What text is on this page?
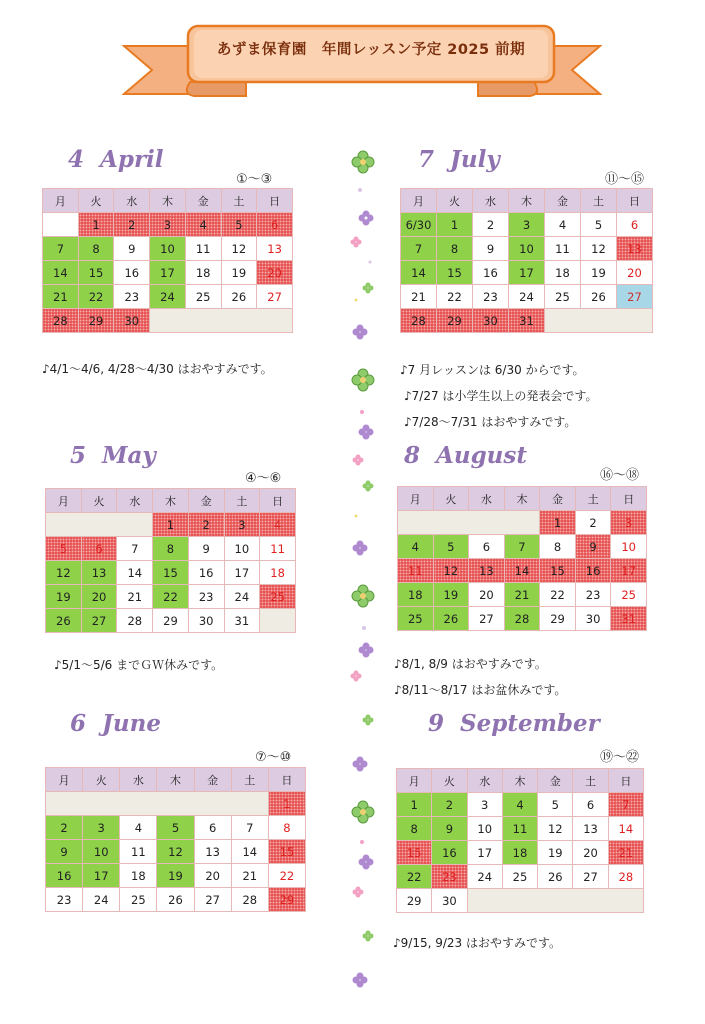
あずま保育園　年間レッスン予定 2025 前期
4 April
①～③
月	火	水	木	金	土	日
	1	2	3	4	5	6
7	8	9	10	11	12	13
14	15	16	17	18	19	20
21	22	23	24	25	26	27
28	29	30				
♪4/1～4/6, 4/28～4/30 はおやすみです。
5 May
④～⑥
月	火	水	木	金	土	日
			1	2	3	4
5	6	7	8	9	10	11
12	13	14	15	16	17	18
19	20	21	22	23	24	25
26	27	28	29	30	31	
♪5/1～5/6 までＧＷ休みです。
6 June
⑦～⑩
月	火	水	木	金	土	日
						1
2	3	4	5	6	7	8
9	10	11	12	13	14	15
16	17	18	19	20	21	22
23	24	25	26	27	28	29
7 July
⑪～⑮
月	火	水	木	金	土	日
6/30	1	2	3	4	5	6
7	8	9	10	11	12	13
14	15	16	17	18	19	20
21	22	23	24	25	26	27
28	29	30	31			
♪7 月レッスンは 6/30 からです。
♪7/27 は小学生以上の発表会です。
♪7/28～7/31 はおやすみです。
8 August
⑯～⑱
月	火	水	木	金	土	日
				1	2	3
4	5	6	7	8	9	10
11	12	13	14	15	16	17
18	19	20	21	22	23	25
25	26	27	28	29	30	31
♪8/1, 8/9 はおやすみです。
♪8/11～8/17 はお盆休みです。
9 September
⑲～㉒
月	火	水	木	金	土	日
1	2	3	4	5	6	7
8	9	10	11	12	13	14
15	16	17	18	19	20	21
22	23	24	25	26	27	28
29	30					
♪9/15, 9/23 はおやすみです。
